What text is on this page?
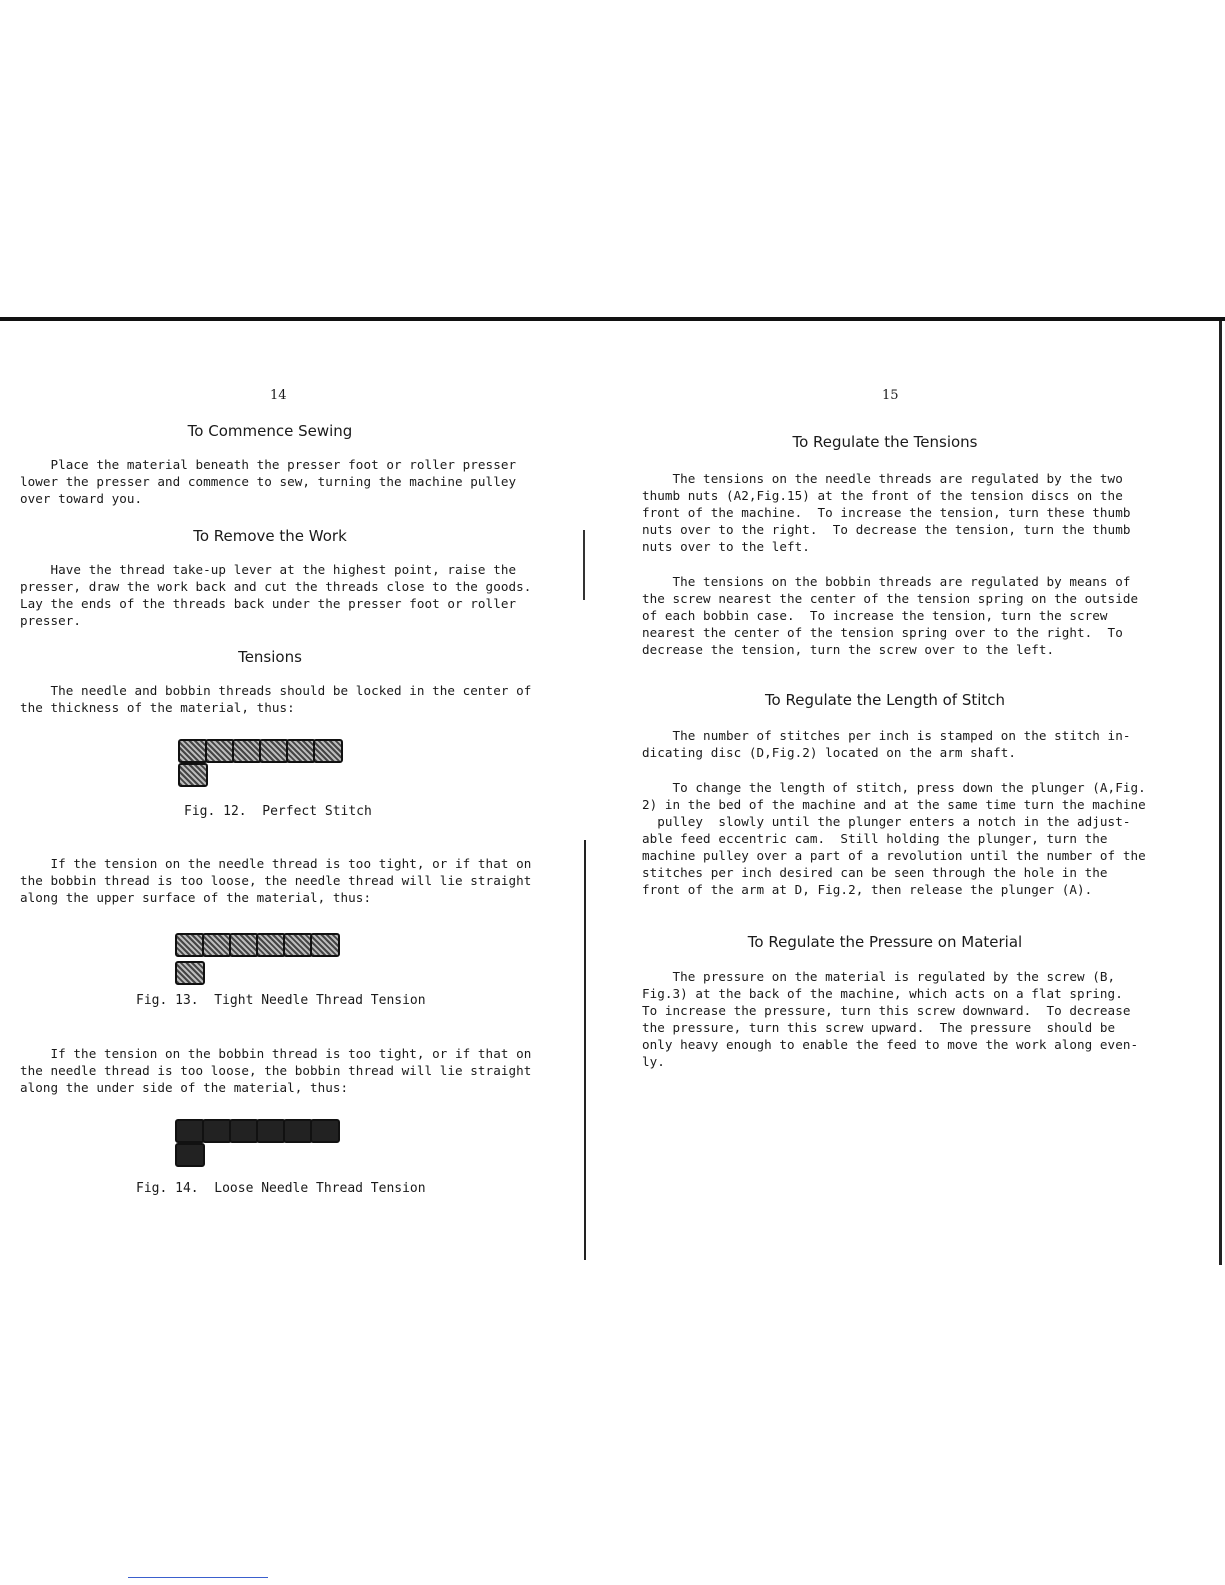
14
To Commence Sewing

Place the material beneath the presser foot or roller presser

lower the presser and commence to sew, turning the machine pulley

over toward you.

To Remove the Work

Have the thread take-up lever at the highest point, raise the

presser, draw the work back and cut the threads close to the goods.

Lay the ends of the threads back under the presser foot or roller

presser.

Tensions

The needle and bobbin threads should be locked in the center of

the thickness of the material, thus:

Fig. 12.  Perfect Stitch

If the tension on the needle thread is too tight, or if that on

the bobbin thread is too loose, the needle thread will lie straight

along the upper surface of the material, thus:

Fig. 13.  Tight Needle Thread Tension

If the tension on the bobbin thread is too tight, or if that on

the needle thread is too loose, the bobbin thread will lie straight

along the under side of the material, thus:

Fig. 14.  Loose Needle Thread Tension
15
To Regulate the Tensions

The tensions on the needle threads are regulated by the two

thumb nuts (A2,Fig.15) at the front of the tension discs on the

front of the machine.  To increase the tension, turn these thumb

nuts over to the right.  To decrease the tension, turn the thumb

nuts over to the left.

The tensions on the bobbin threads are regulated by means of

the screw nearest the center of the tension spring on the outside

of each bobbin case.  To increase the tension, turn the screw

nearest the center of the tension spring over to the right.  To

decrease the tension, turn the screw over to the left.

To Regulate the Length of Stitch

The number of stitches per inch is stamped on the stitch in-

dicating disc (D,Fig.2) located on the arm shaft.

To change the length of stitch, press down the plunger (A,Fig.

2) in the bed of the machine and at the same time turn the machine

pulley  slowly until the plunger enters a notch in the adjust-

able feed eccentric cam.  Still holding the plunger, turn the

machine pulley over a part of a revolution until the number of the

stitches per inch desired can be seen through the hole in the

front of the arm at D, Fig.2, then release the plunger (A).

To Regulate the Pressure on Material

The pressure on the material is regulated by the screw (B,

Fig.3) at the back of the machine, which acts on a flat spring.

To increase the pressure, turn this screw downward.  To decrease

the pressure, turn this screw upward.  The pressure  should be

only heavy enough to enable the feed to move the work along even-

ly.
